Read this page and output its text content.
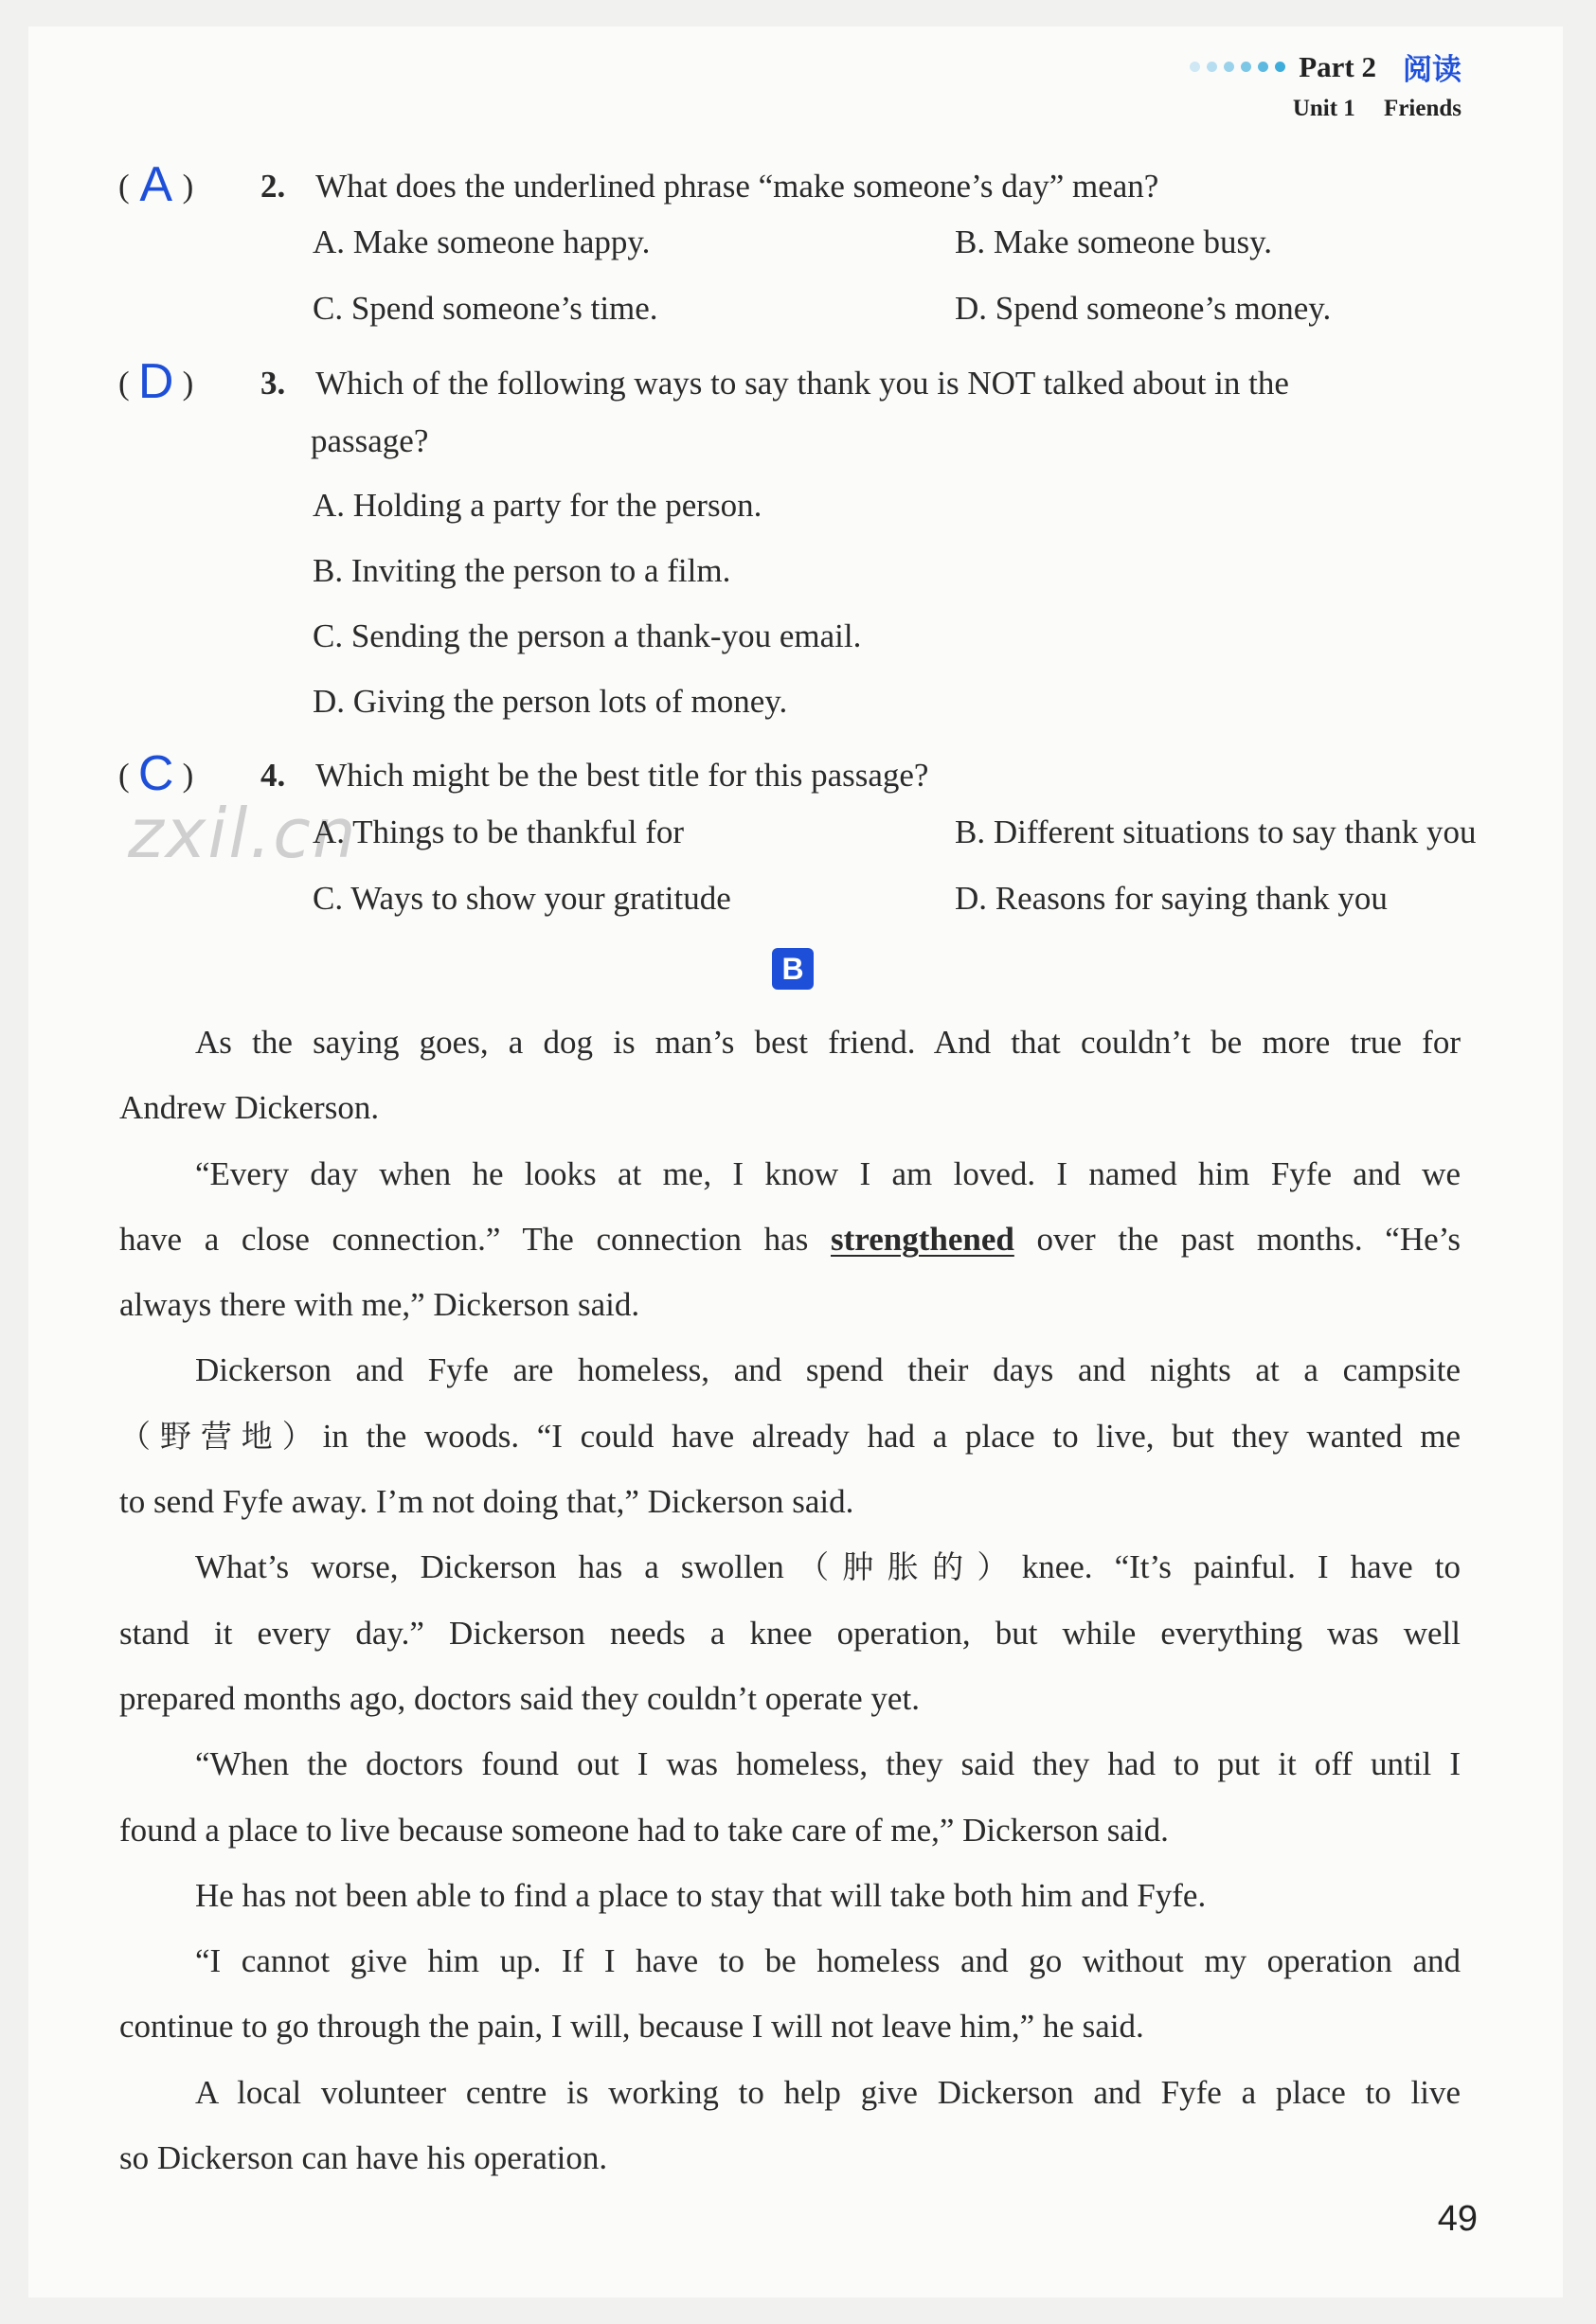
Part 2 阅读
Unit 1 Friends
( A ) 2. What does the underlined phrase “make someone’s day” mean?
A. Make someone happy.	B. Make someone busy.
C. Spend someone’s time.	D. Spend someone’s money.
( D ) 3. Which of the following ways to say thank you is NOT talked about in the
passage?
A. Holding a party for the person.
B. Inviting the person to a film.
C. Sending the person a thank-you email.
D. Giving the person lots of money.
( C ) 4. Which might be the best title for this passage?
zxil.cn
A. Things to be thankful for	B. Different situations to say thank you
C. Ways to show your gratitude	D. Reasons for saying thank you
B
As the saying goes, a dog is man’s best friend. And that couldn’t be more true for
Andrew Dickerson.
“Every day when he looks at me, I know I am loved. I named him Fyfe and we
have a close connection.” The connection has strengthened over the past months. “He’s
always there with me,” Dickerson said.
Dickerson and Fyfe are homeless, and spend their days and nights at a campsite
（野营地）in the woods. “I could have already had a place to live, but they wanted me
to send Fyfe away. I’m not doing that,” Dickerson said.
What’s worse, Dickerson has a swollen（肿胀的）knee. “It’s painful. I have to
stand it every day.” Dickerson needs a knee operation, but while everything was well
prepared months ago, doctors said they couldn’t operate yet.
“When the doctors found out I was homeless, they said they had to put it off until I
found a place to live because someone had to take care of me,” Dickerson said.
He has not been able to find a place to stay that will take both him and Fyfe.
“I cannot give him up. If I have to be homeless and go without my operation and
continue to go through the pain, I will, because I will not leave him,” he said.
A local volunteer centre is working to help give Dickerson and Fyfe a place to live
so Dickerson can have his operation.
49
